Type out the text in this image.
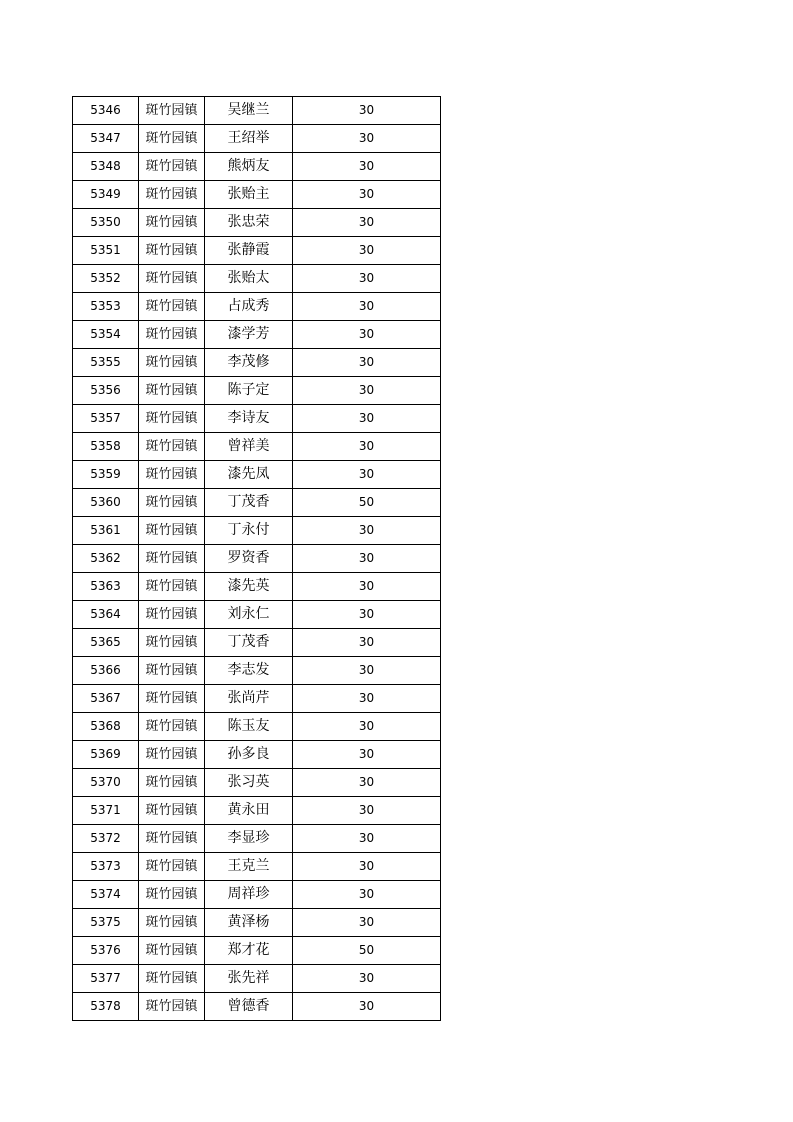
5346	斑竹园镇	吴继兰	30
5347	斑竹园镇	王绍举	30
5348	斑竹园镇	熊炳友	30
5349	斑竹园镇	张贻主	30
5350	斑竹园镇	张忠荣	30
5351	斑竹园镇	张静霞	30
5352	斑竹园镇	张贻太	30
5353	斑竹园镇	占成秀	30
5354	斑竹园镇	漆学芳	30
5355	斑竹园镇	李茂修	30
5356	斑竹园镇	陈子定	30
5357	斑竹园镇	李诗友	30
5358	斑竹园镇	曾祥美	30
5359	斑竹园镇	漆先凤	30
5360	斑竹园镇	丁茂香	50
5361	斑竹园镇	丁永付	30
5362	斑竹园镇	罗资香	30
5363	斑竹园镇	漆先英	30
5364	斑竹园镇	刘永仁	30
5365	斑竹园镇	丁茂香	30
5366	斑竹园镇	李志发	30
5367	斑竹园镇	张尚芹	30
5368	斑竹园镇	陈玉友	30
5369	斑竹园镇	孙多良	30
5370	斑竹园镇	张习英	30
5371	斑竹园镇	黄永田	30
5372	斑竹园镇	李显珍	30
5373	斑竹园镇	王克兰	30
5374	斑竹园镇	周祥珍	30
5375	斑竹园镇	黄泽杨	30
5376	斑竹园镇	郑才花	50
5377	斑竹园镇	张先祥	30
5378	斑竹园镇	曾德香	30
